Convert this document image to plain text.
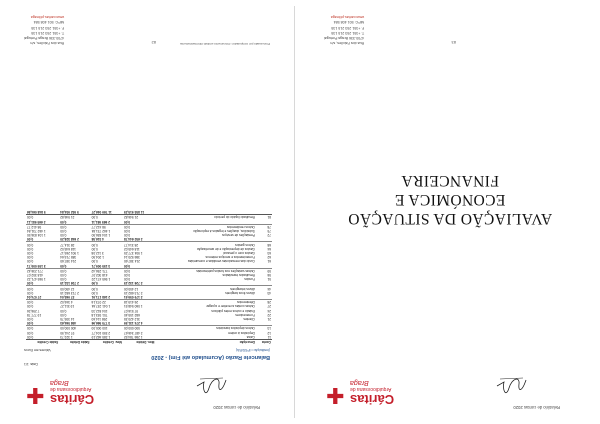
✚ Cáritas
Arquidiocesana de
Braga
Relatório de contas 2020
Data: 1/1
Balancete Razão (Acumulado até Fim) - 2020
(Instituição • IPSS/RA)
Valores em Euros
Conta	Descrição	Mov. Débito	Mov. Crédito	Saldo Débito	Saldo Crédito
11	Caixa	1 286 784,92	1 285 462,19	1 322,73	0,00
12	Depósitos à ordem	2 487 346,67	2 390 104,77	97 241,90	0,00
13	Outros depósitos bancários	500 000,00	100 000,00	400 000,00	0,00
		4 274 131,59	3 775 566,96	498 564,63	0,00
21	Clientes	312 420,35	298 114,60	14 305,75	0,00
22	Fornecedores	682 155,40	701 933,18	0,00	19 777,78
24	Estado e outros entes públicos	97 516,07	104 812,33	0,00	7 296,26
27	Outras contas a receber e a pagar	1 060 548,91	1 041 237,64	19 311,27	0,00
28	Diferimentos	26 419,18	22 073,16	4 346,02	0,00
		2 179 059,91	2 168 171,91	37 963,04	27 074,04
43	Ativos fixos tangíveis	2 713 682,15	0,00	2 713 682,15	0,00
44	Ativos intangíveis	12 450,00	0,00	12 450,00	0,00
		2 726 132,15	0,00	2 726 132,15	0,00
51	Fundos	0,00	1 965 471,22	0,00	1 965 471,22
56	Resultados transitados	0,00	418 302,07	0,00	418 302,07
59	Outras variações nos fundos patrimoniais	0,00	771 236,42	0,00	771 236,42
		0,00	3 155 009,71	0,00	3 155 009,71
61	Custo das mercadorias vendidas e consumidas	214 387,60	0,00	214 387,60	0,00
62	Fornecimentos e serviços externos	386 920,14	1 204,50	385 715,64	0,00
63	Gastos com o pessoal	1 904 377,25	3 112,08	1 901 265,17	0,00
64	Gastos de depreciação e de amortização	118 645,02	0,00	118 645,02	0,00
68	Outros gastos	28 314,77	0,00	28 314,77	0,00
		2 652 644,78	4 316,58	2 648 328,20	0,00
72	Prestações de serviços	0,00	1 104 836,50	0,00	1 104 836,50
75	Subsídios, doações e legados à exploração	0,00	1 462 731,84	0,00	1 462 731,84
78	Outros rendimentos	0,00	98 412,77	0,00	98 412,77
		0,00	2 665 981,11	0,00	2 665 981,11
81	Resultado líquido do período	21 946,82	0,00	21 946,82	0,00
		11 853 915,25	11 769 046,27	5 932 934,84	5 848 064,86
Processado por computador • Documento emitido informaticamente
82
Rua dos Falcões, s/n
4700-336 Braga Portugal
T. +351 253 215 135
F. +351 253 215 135
NIPC: 501 408 584
www.caritas.pt/braga
✚ Cáritas
Arquidiocesana de
Braga
Relatório de contas 2020
AVALIAÇÃO DA SITUAÇÃO
ECONÓMICA E FINANCEIRA
83
Rua dos Falcões, s/n
4700-336 Braga Portugal
T. +351 253 215 135
F. +351 253 215 135
NIPC: 501 408 584
www.caritas.pt/braga
